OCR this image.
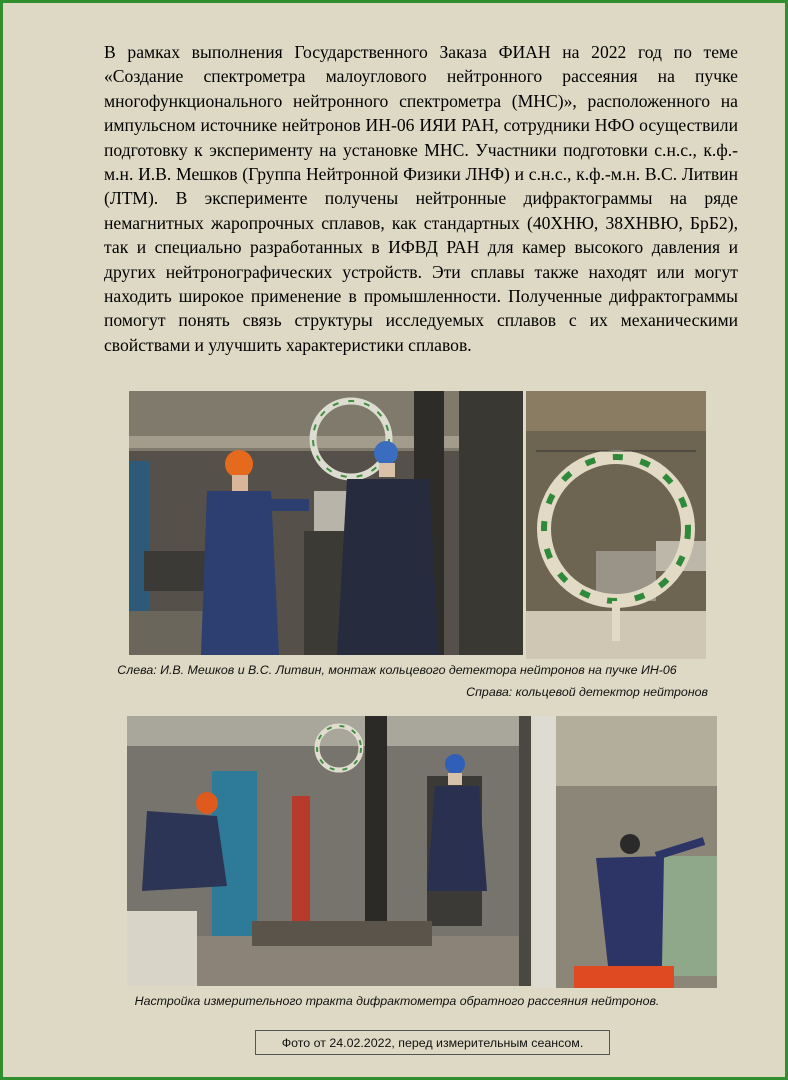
В рамках выполнения Государственного Заказа ФИАН на 2022 год по теме «Создание спектрометра малоуглового нейтронного рассеяния на пучке многофункционального нейтронного спектрометра (МНС)», расположенного на импульсном источнике нейтронов ИН-06 ИЯИ РАН, сотрудники НФО осуществили подготовку к эксперименту на установке МНС. Участники подготовки с.н.с., к.ф.-м.н. И.В. Мешков (Группа Нейтронной Физики ЛНФ) и с.н.с., к.ф.-м.н. В.С. Литвин (ЛТМ). В эксперименте получены нейтронные дифрактограммы на ряде немагнитных жаропрочных сплавов, как стандартных (40ХНЮ, 38ХНВЮ, БрБ2), так и специально разработанных в ИФВД РАН для камер высокого давления и других нейтронографических устройств. Эти сплавы также находят или могут находить широкое применение в промышленности. Полученные дифрактограммы помогут понять связь структуры исследуемых сплавов с их механическими свойствами и улучшить характеристики сплавов.

Слева: И.В. Мешков и В.С. Литвин, монтаж кольцевого детектора нейтронов на пучке ИН-06
Справа: кольцевой детектор нейтронов
Настройка измерительного тракта дифрактометра обратного рассеяния нейтронов.
Фото от 24.02.2022, перед измерительным сеансом.
